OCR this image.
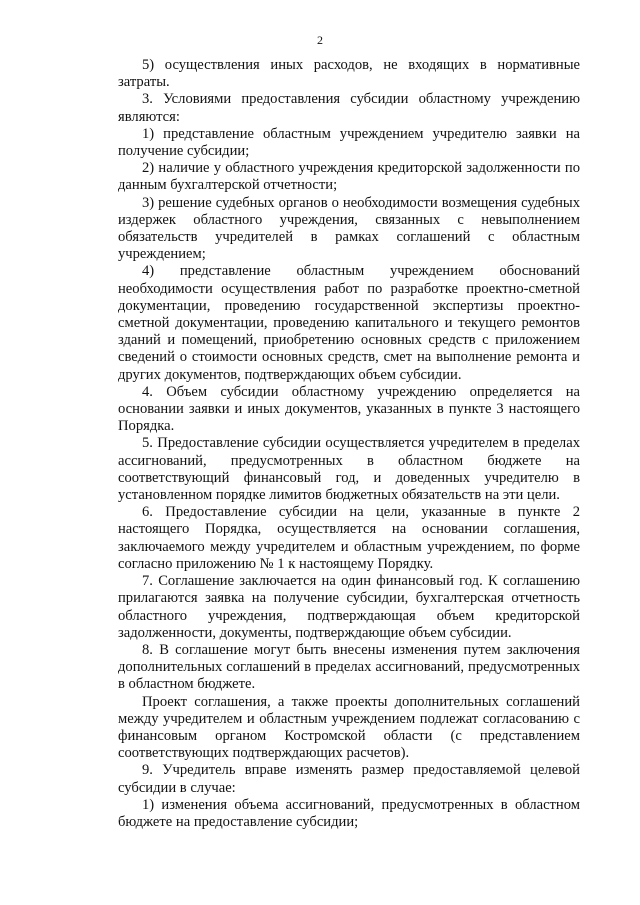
2

5) осуществления иных расходов, не входящих в нормативные затраты.

3. Условиями предоставления субсидии областному учреждению являются:

1) представление областным учреждением учредителю заявки на получение субсидии;

2) наличие у областного учреждения кредиторской задолженности по данным бухгалтерской отчетности;

3) решение судебных органов о необходимости возмещения судебных издержек областного учреждения, связанных с невыполнением обязательств учредителей в рамках соглашений с областным учреждением;

4) представление областным учреждением обоснований необходимости осуществления работ по разработке проектно-сметной документации, проведению государственной экспертизы проектно-сметной документации, проведению капитального и текущего ремонтов зданий и помещений, приобретению основных средств с приложением сведений о стоимости основных средств, смет на выполнение ремонта и других документов, подтверждающих объем субсидии.

4. Объем субсидии областному учреждению определяется на основании заявки и иных документов, указанных в пункте 3 настоящего Порядка.

5. Предоставление субсидии осуществляется учредителем в пределах ассигнований, предусмотренных в областном бюджете на соответствующий финансовый год, и доведенных учредителю в установленном порядке лимитов бюджетных обязательств на эти цели.

6. Предоставление субсидии на цели, указанные в пункте 2 настоящего Порядка, осуществляется на основании соглашения, заключаемого между учредителем и областным учреждением, по форме согласно приложению № 1 к настоящему Порядку.

7. Соглашение заключается на один финансовый год. К соглашению прилагаются заявка на получение субсидии, бухгалтерская отчетность областного учреждения, подтверждающая объем кредиторской задолженности, документы, подтверждающие объем субсидии.

8. В соглашение могут быть внесены изменения путем заключения дополнительных соглашений в пределах ассигнований, предусмотренных в областном бюджете.

Проект соглашения, а также проекты дополнительных соглашений между учредителем и областным учреждением подлежат согласованию с финансовым органом Костромской области (с представлением соответствующих подтверждающих расчетов).

9. Учредитель вправе изменять размер предоставляемой целевой субсидии в случае:

1) изменения объема ассигнований, предусмотренных в областном бюджете на предоставление субсидии;
